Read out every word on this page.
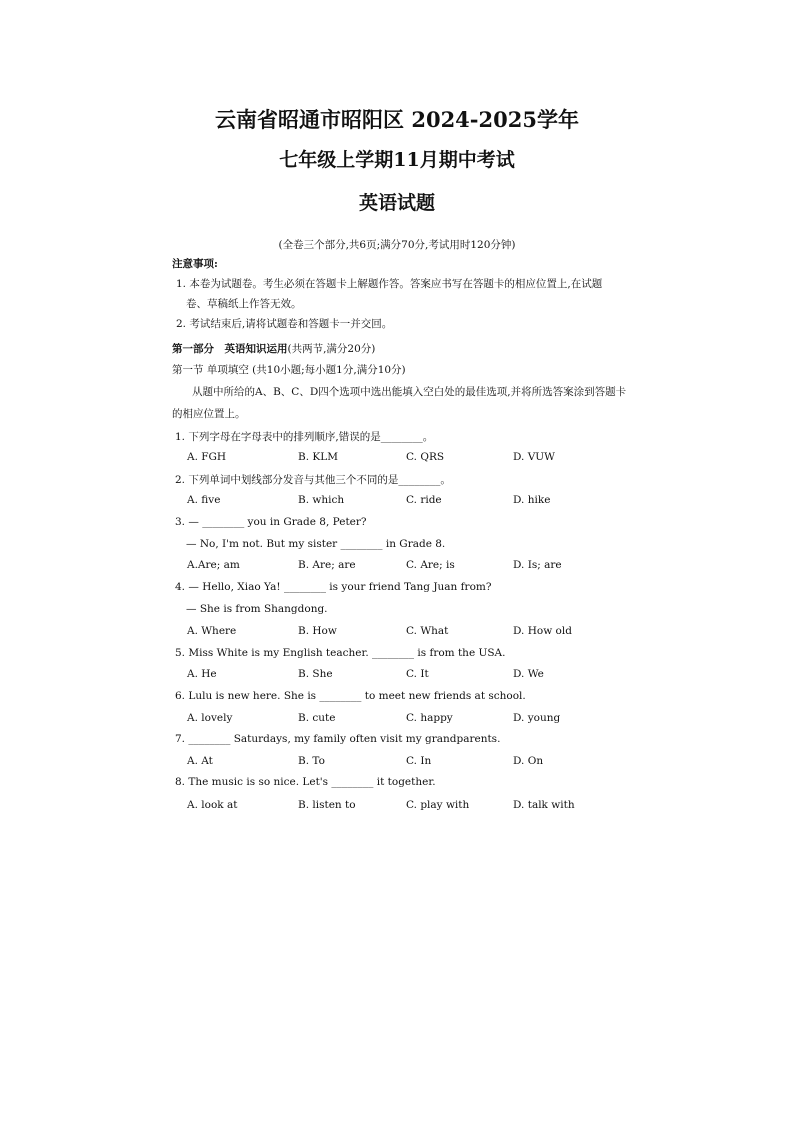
云南省昭通市昭阳区 2024-2025学年
七年级上学期11月期中考试
英语试题
(全卷三个部分,共6页;满分70分,考试用时120分钟)
注意事项:
1. 本卷为试题卷。考生必须在答题卡上解题作答。答案应书写在答题卡的相应位置上,在试题
卷、草稿纸上作答无效。
2. 考试结束后,请将试题卷和答题卡一并交回。
第一部分　英语知识运用(共两节,满分20分)
第一节 单项填空 (共10小题;每小题1分,满分10分)
从题中所给的A、B、C、D四个选项中选出能填入空白处的最佳选项,并将所选答案涂到答题卡
的相应位置上。
1. 下列字母在字母表中的排列顺序,错误的是________。
A. FGH	B. KLM	C. QRS	D. VUW
2. 下列单词中划线部分发音与其他三个不同的是________。
A. five	B. which	C. ride	D. hike
3. — ________ you in Grade 8, Peter?
— No, I'm not. But my sister ________ in Grade 8.
A.Are; am	B. Are; are	C. Are; is	D. Is; are
4. — Hello, Xiao Ya! ________ is your friend Tang Juan from?
— She is from Shangdong.
A. Where	B. How	C. What	D. How old
5. Miss White is my English teacher. ________ is from the USA.
A. He	B. She	C. It	D. We
6. Lulu is new here. She is ________ to meet new friends at school.
A. lovely	B. cute	C. happy	D. young
7. ________ Saturdays, my family often visit my grandparents.
A. At	B. To	C. In	D. On
8. The music is so nice. Let's ________ it together.
A. look at	B. listen to	C. play with	D. talk with
